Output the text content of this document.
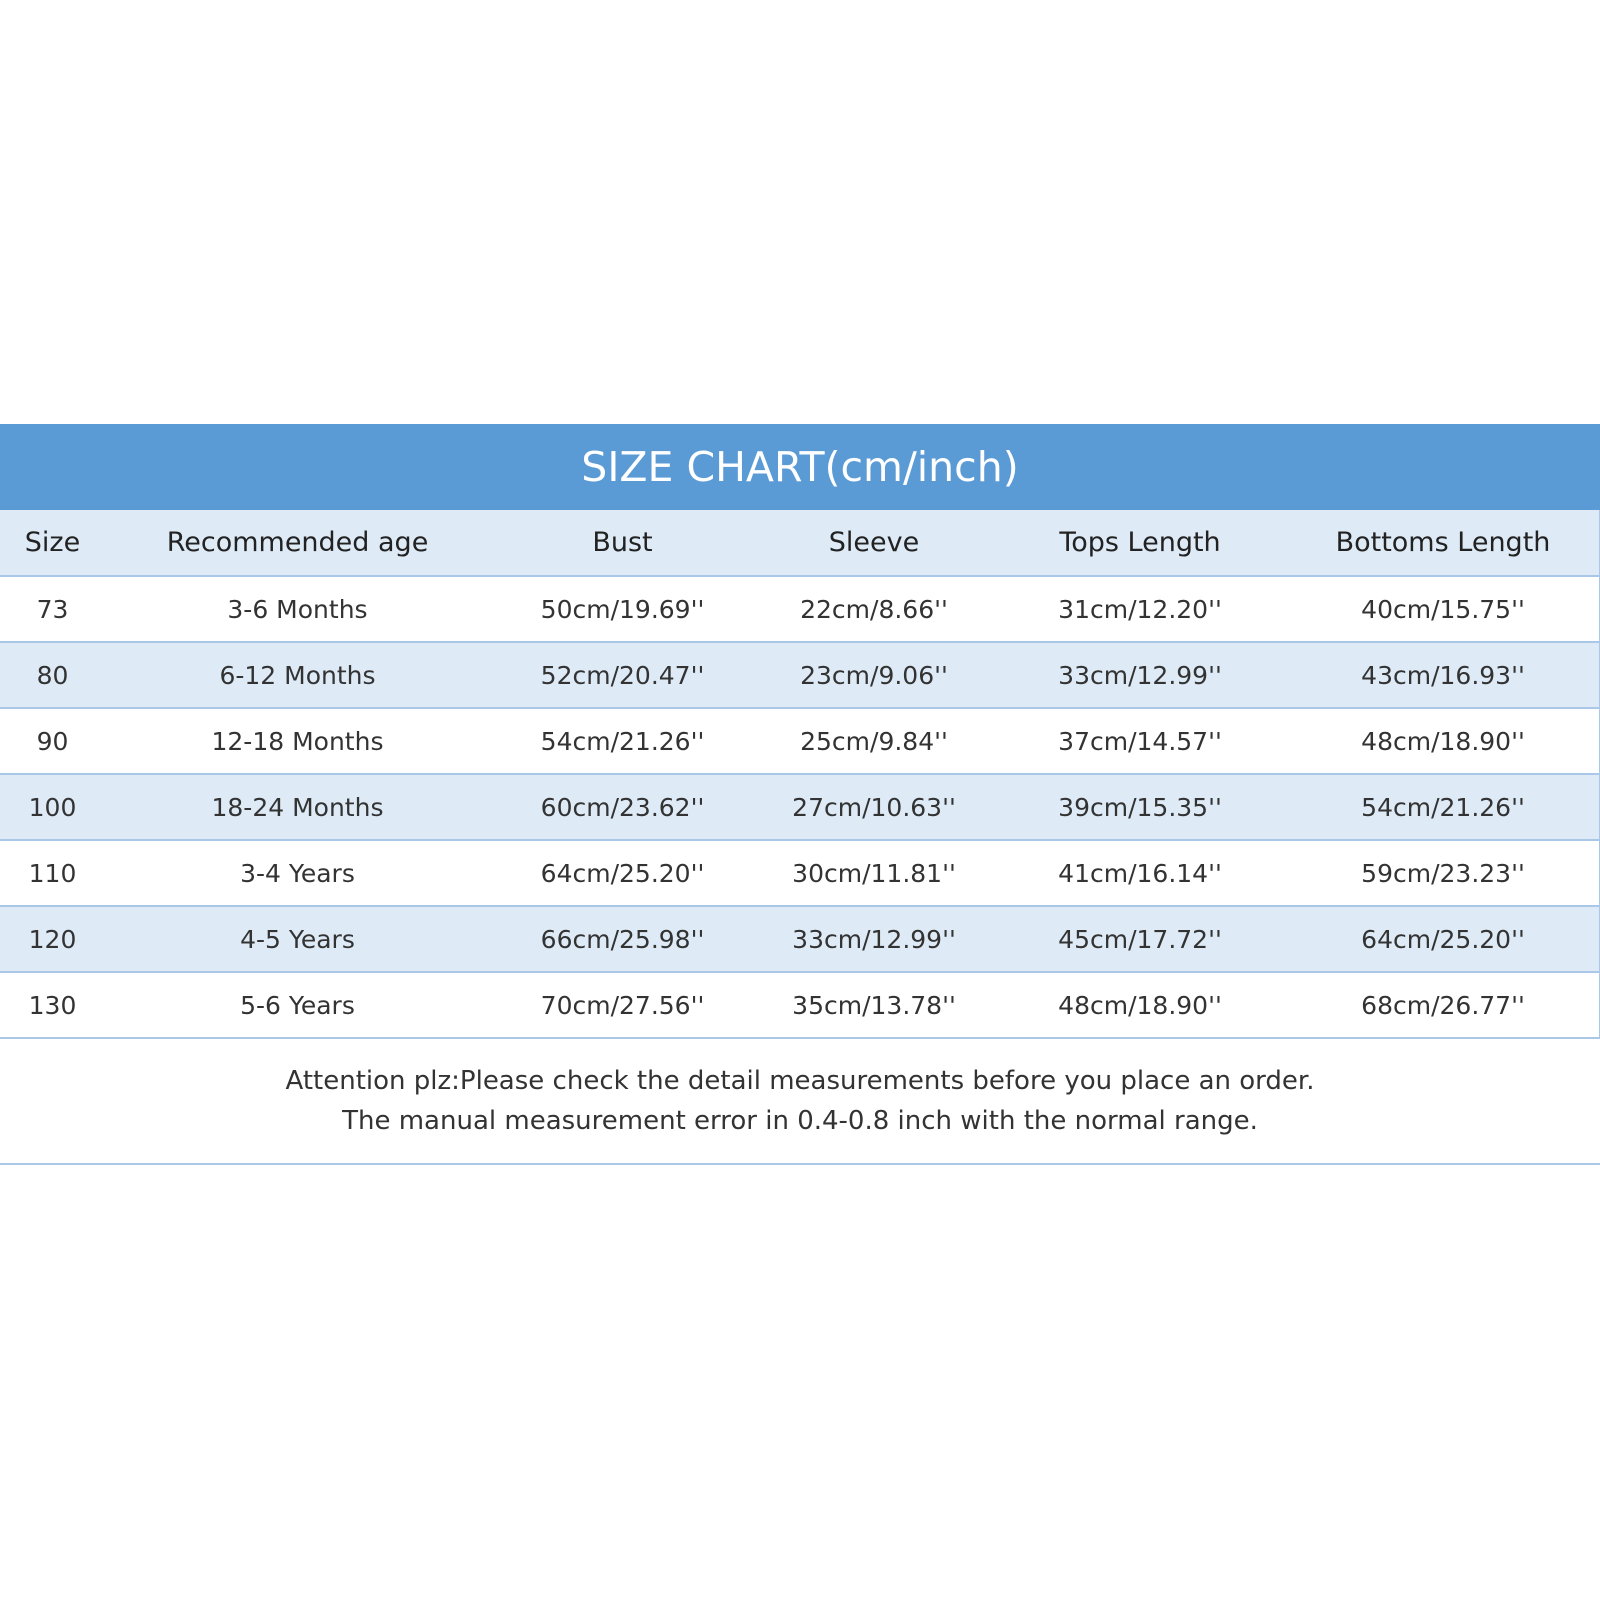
SIZE CHART(cm/inch)
Size	Recommended age	Bust	Sleeve	Tops Length	Bottoms Length
73	3-6 Months	50cm/19.69''	22cm/8.66''	31cm/12.20''	40cm/15.75''
80	6-12 Months	52cm/20.47''	23cm/9.06''	33cm/12.99''	43cm/16.93''
90	12-18 Months	54cm/21.26''	25cm/9.84''	37cm/14.57''	48cm/18.90''
100	18-24 Months	60cm/23.62''	27cm/10.63''	39cm/15.35''	54cm/21.26''
110	3-4 Years	64cm/25.20''	30cm/11.81''	41cm/16.14''	59cm/23.23''
120	4-5 Years	66cm/25.98''	33cm/12.99''	45cm/17.72''	64cm/25.20''
130	5-6 Years	70cm/27.56''	35cm/13.78''	48cm/18.90''	68cm/26.77''
Attention plz:Please check the detail measurements before you place an order.
The manual measurement error in 0.4-0.8 inch with the normal range.
